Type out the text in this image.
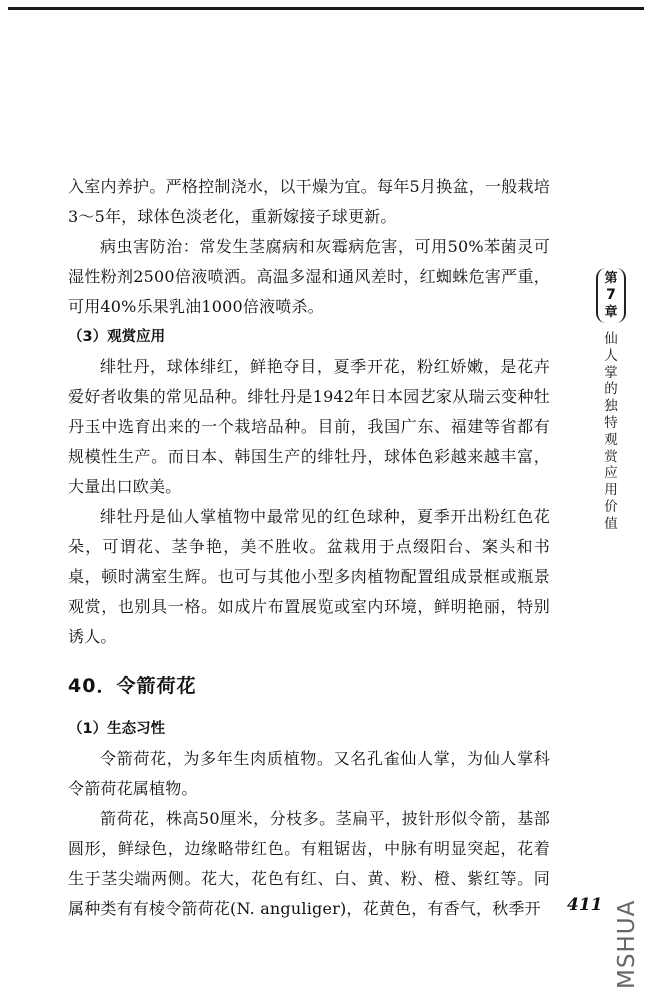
入室内养护。严格控制浇水，以干燥为宜。每年5月换盆，一般栽培3～5年，球体色淡老化，重新嫁接子球更新。

病虫害防治：常发生茎腐病和灰霉病危害，可用50%苯菌灵可湿性粉剂2500倍液喷洒。高温多湿和通风差时，红蜘蛛危害严重，可用40%乐果乳油1000倍液喷杀。

（3）观赏应用

绯牡丹，球体绯红，鲜艳夺目，夏季开花，粉红娇嫩，是花卉爱好者收集的常见品种。绯牡丹是1942年日本园艺家从瑞云变种牡丹玉中选育出来的一个栽培品种。目前，我国广东、福建等省都有规模性生产。而日本、韩国生产的绯牡丹，球体色彩越来越丰富，大量出口欧美。

绯牡丹是仙人掌植物中最常见的红色球种，夏季开出粉红色花朵，可谓花、茎争艳，美不胜收。盆栽用于点缀阳台、案头和书桌，顿时满室生辉。也可与其他小型多肉植物配置组成景框或瓶景观赏，也别具一格。如成片布置展览或室内环境，鲜明艳丽，特别诱人。

40．令箭荷花

（1）生态习性

令箭荷花，为多年生肉质植物。又名孔雀仙人掌，为仙人掌科令箭荷花属植物。

箭荷花，株高50厘米，分枝多。茎扁平，披针形似令箭，基部圆形，鲜绿色，边缘略带红色。有粗锯齿，中脉有明显突起，花着生于茎尖端两侧。花大，花色有红、白、黄、粉、橙、紫红等。同属种类有有棱令箭荷花(N. anguliger)，花黄色，有香气，秋季开

第
7
章
仙人掌的独特观赏应用价值
411 MSHUA
